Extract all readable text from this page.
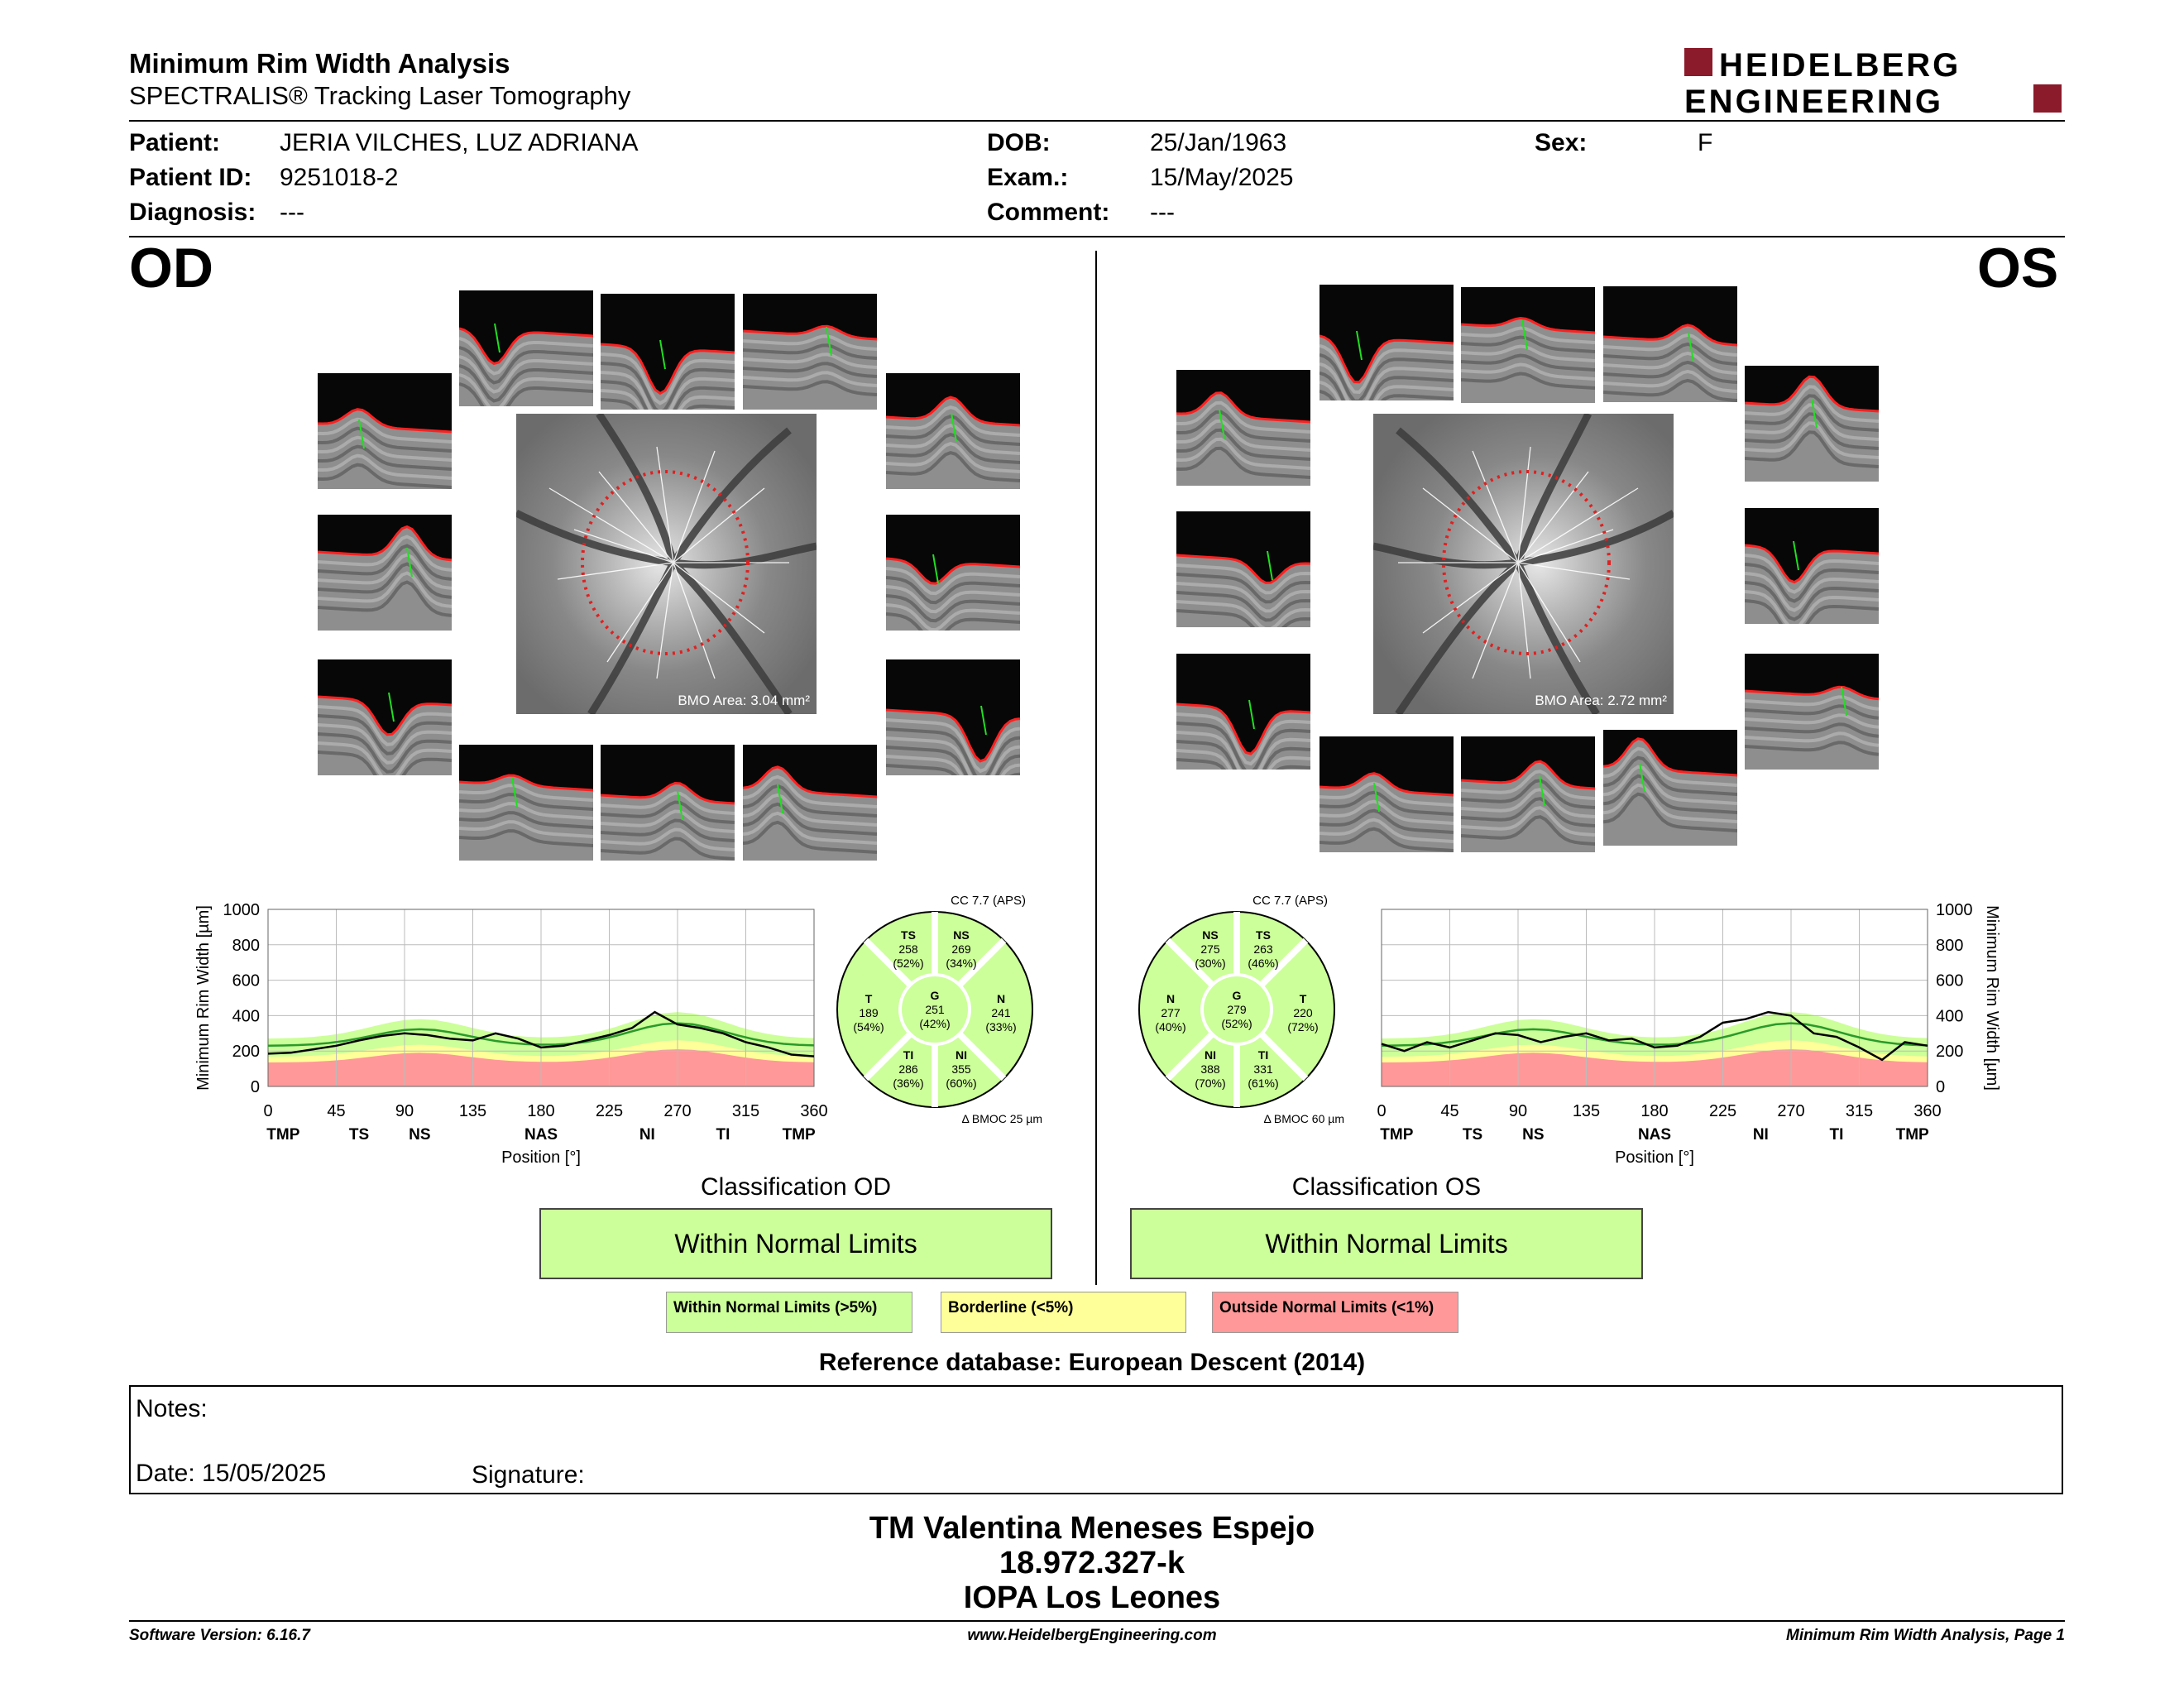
Minimum Rim Width Analysis
SPECTRALIS® Tracking Laser Tomography
HEIDELBERG
ENGINEERING
Patient: JERIA VILCHES, LUZ ADRIANA
Patient ID: 9251018-2
Diagnosis: ---
DOB:	25/Jan/1963
Exam.:	15/May/2025
Comment: ---
Sex:	F
OD	OS
BMO Area: 3.04 mm²	BMO Area: 2.72 mm²
1000
800
600
400
200
0
0	45	90	135 180 225 270 315 360
TMP	TS	NS	NAS	NI	TI	TMP
Position [°]
Minimum Rim Width [µm]	1000
800
600
400
200
0
0	45	90	135 180 225 270 315 360
TMP	TS	NS	NAS	NI	TI	TMP
Position [°]
Minimum Rim Width [µm]
CC 7.7 (APS)
TS
258
(52%)
NS
269
(34%)
T
189
(54%)
G
251
(42%)
N
241
(33%)
TI
286
(36%)
NI
355
(60%)
Δ BMOC 25 µm
CC 7.7 (APS)
NS
275
(30%)
TS
263
(46%)
N
277
(40%)
G
279
(52%)
T
220
(72%)
NI
388
(70%)
TI
331
(61%)
Δ BMOC 60 µm
Classification OD
Within Normal Limits
Classification OS
Within Normal Limits
Within Normal Limits (>5%)	Borderline (<5%)	Outside Normal Limits (<1%)
Reference database: European Descent (2014)
Notes:
Date: 15/05/2025	Signature:
TM Valentina Meneses Espejo
18.972.327-k
IOPA Los Leones
Software Version: 6.16.7	www.HeidelbergEngineering.com	Minimum Rim Width Analysis, Page 1
